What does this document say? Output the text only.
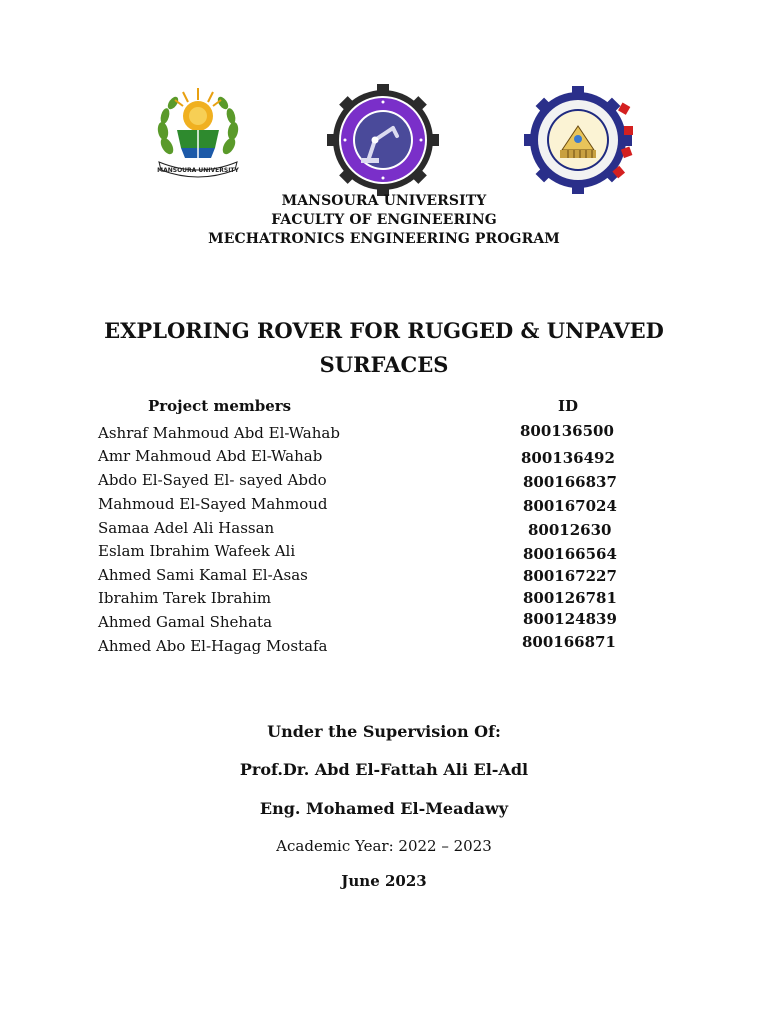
MANSOURA UNIVERSITY
MANSOURA UNIVERSITY
FACULTY OF ENGINEERING
MECHATRONICS ENGINEERING PROGRAM
EXPLORING ROVER FOR RUGGED & UNPAVED
SURFACES
Project members	ID
Ashraf Mahmoud Abd El-Wahab	800136500
Amr Mahmoud Abd El-Wahab	800136492
Abdo El-Sayed El- sayed Abdo	800166837
Mahmoud El-Sayed Mahmoud	800167024
Samaa Adel Ali Hassan	80012630
Eslam Ibrahim Wafeek Ali	800166564
Ahmed Sami Kamal El-Asas	800167227
Ibrahim Tarek Ibrahim	800126781
Ahmed Gamal Shehata	800124839
Ahmed Abo El-Hagag Mostafa	800166871
Under the Supervision Of:
Prof.Dr. Abd El-Fattah Ali El-Adl
Eng. Mohamed El-Meadawy
Academic Year: 2022 – 2023
June 2023
